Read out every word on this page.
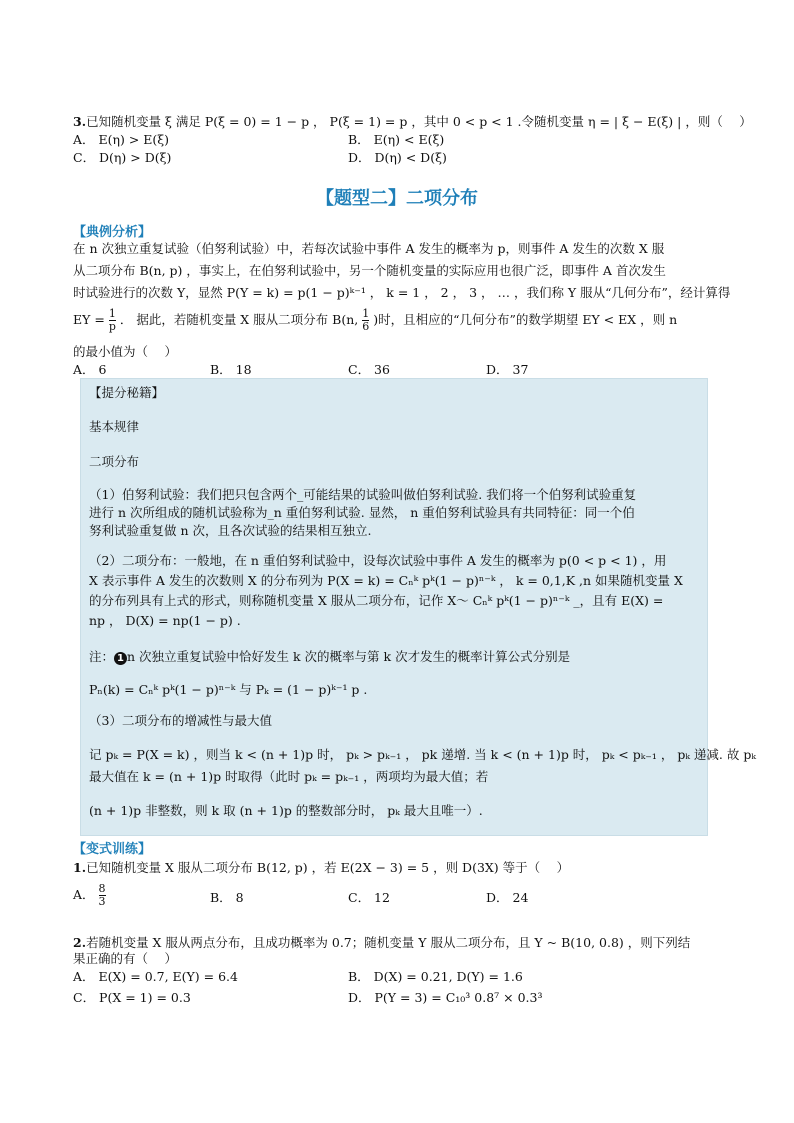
3.已知随机变量 ξ 满足 P(ξ = 0) = 1 − p ， P(ξ = 1) = p ，其中 0 < p < 1 .令随机变量 η = | ξ − E(ξ) | ，则（　 ）
A． E(η) > E(ξ)	B． E(η) < E(ξ)
C． D(η) > D(ξ)	D． D(η) < D(ξ)
【题型二】二项分布
【典例分析】
在 n 次独立重复试验（伯努利试验）中，若每次试验中事件 A 发生的概率为 p，则事件 A 发生的次数 X 服
从二项分布 B(n, p) ，事实上，在伯努利试验中，另一个随机变量的实际应用也很广泛，即事件 A 首次发生
时试验进行的次数 Y，显然 P(Y = k) = p(1 − p)ᵏ⁻¹ ， k = 1 ， 2 ， 3 ， … ，我们称 Y 服从“几何分布”，经计算得
EY = $\frac{1}{p}$ ． 据此，若随机变量 X 服从二项分布 B(n, $\frac{1}{6}$ )时，且相应的“几何分布”的数学期望 EY < EX ，则 n
的最小值为（　 ）
A． 6	B． 18	C． 36	D． 37
【提分秘籍】
基本规律
二项分布
（1）伯努利试验：我们把只包含两个_可能结果的试验叫做伯努利试验. 我们将一个伯努利试验重复
进行 n 次所组成的随机试验称为_n 重伯努利试验. 显然， n 重伯努利试验具有共同特征：同一个伯
努利试验重复做 n 次，且各次试验的结果相互独立.
（2）二项分布：一般地，在 n 重伯努利试验中，设每次试验中事件 A 发生的概率为 p(0 < p < 1) ，用
X 表示事件 A 发生的次数则 X 的分布列为 P(X = k) = Cₙᵏ pᵏ(1 − p)ⁿ⁻ᵏ ， k = 0,1,K ,n 如果随机变量 X
的分布列具有上式的形式，则称随机变量 X 服从二项分布，记作 X～ Cₙᵏ pᵏ(1 − p)ⁿ⁻ᵏ _，且有 E(X) =
np ， D(X) = np(1 − p) .
注： 1 n 次独立重复试验中恰好发生 k 次的概率与第 k 次才发生的概率计算公式分别是
Pₙ(k) = Cₙᵏ pᵏ(1 − p)ⁿ⁻ᵏ 与 Pₖ = (1 − p)ᵏ⁻¹ p .
（3）二项分布的增减性与最大值
记 pₖ = P(X = k) ，则当 k < (n + 1)p 时， pₖ > pₖ₋₁ ， pk 递增. 当 k < (n + 1)p 时， pₖ < pₖ₋₁ ， pₖ 递减. 故 pₖ
最大值在 k = (n + 1)p 时取得（此时 pₖ = pₖ₋₁ ，两项均为最大值；若
(n + 1)p 非整数，则 k 取 (n + 1)p 的整数部分时， pₖ 最大且唯一）.
【变式训练】
1.已知随机变量 X 服从二项分布 B(12, p) ，若 E(2X − 3) = 5 ，则 D(3X) 等于（　 ）
A． $\frac{8}{3}$	B． 8	C． 12	D． 24
2.若随机变量 X 服从两点分布，且成功概率为 0.7；随机变量 Y 服从二项分布，且 Y ~ B(10, 0.8) ，则下列结
果正确的有（　 ）
A． E(X) = 0.7, E(Y) = 6.4	B． D(X) = 0.21, D(Y) = 1.6
C． P(X = 1) = 0.3	D． P(Y = 3) = C₁₀³ 0.8⁷ × 0.3³
